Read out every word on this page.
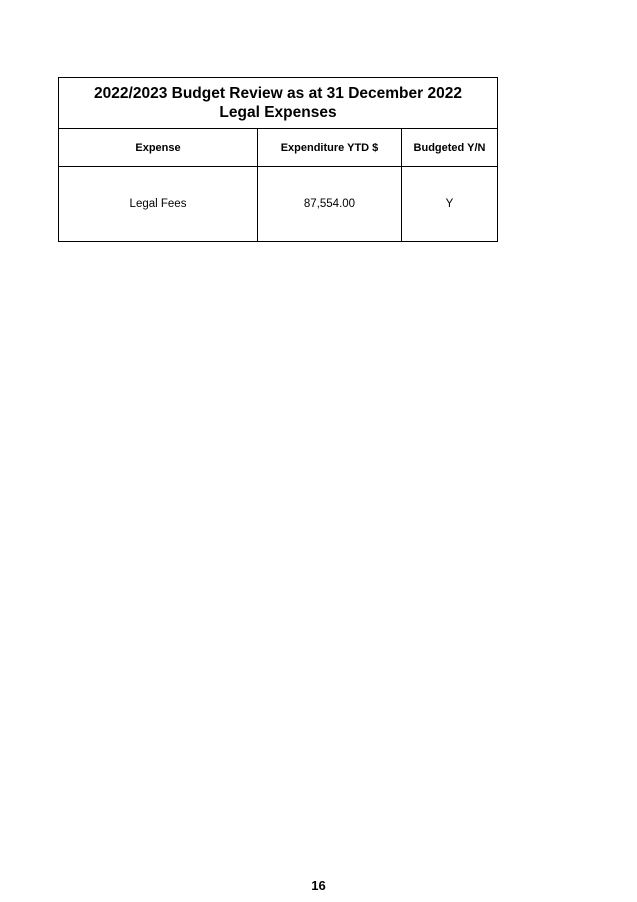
2022/2023 Budget Review as at 31 December 2022
Legal Expenses		

Expense	Expenditure YTD $	Budgeted Y/N
Legal Fees	87,554.00	Y
16
